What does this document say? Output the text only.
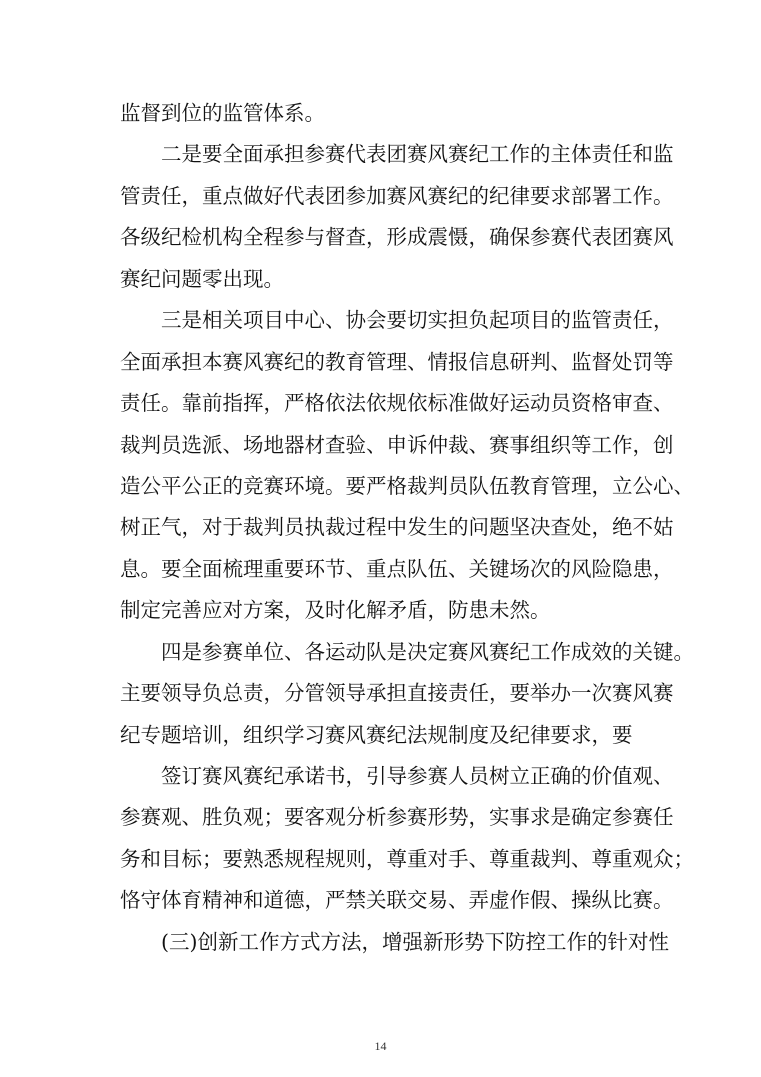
监督到位的监管体系。
二是要全面承担参赛代表团赛风赛纪工作的主体责任和监
管责任，重点做好代表团参加赛风赛纪的纪律要求部署工作。
各级纪检机构全程参与督查，形成震慑，确保参赛代表团赛风
赛纪问题零出现。
三是相关项目中心、协会要切实担负起项目的监管责任，
全面承担本赛风赛纪的教育管理、情报信息研判、监督处罚等
责任。靠前指挥，严格依法依规依标准做好运动员资格审查、
裁判员选派、场地器材查验、申诉仲裁、赛事组织等工作，创
造公平公正的竞赛环境。要严格裁判员队伍教育管理，立公心、
树正气，对于裁判员执裁过程中发生的问题坚决查处，绝不姑
息。要全面梳理重要环节、重点队伍、关键场次的风险隐患，
制定完善应对方案，及时化解矛盾，防患未然。
四是参赛单位、各运动队是决定赛风赛纪工作成效的关键。
主要领导负总责，分管领导承担直接责任，要举办一次赛风赛
纪专题培训，组织学习赛风赛纪法规制度及纪律要求，要
签订赛风赛纪承诺书，引导参赛人员树立正确的价值观、
参赛观、胜负观；要客观分析参赛形势，实事求是确定参赛任
务和目标；要熟悉规程规则，尊重对手、尊重裁判、尊重观众；
恪守体育精神和道德，严禁关联交易、弄虚作假、操纵比赛。
(三)创新工作方式方法，增强新形势下防控工作的针对性
14
